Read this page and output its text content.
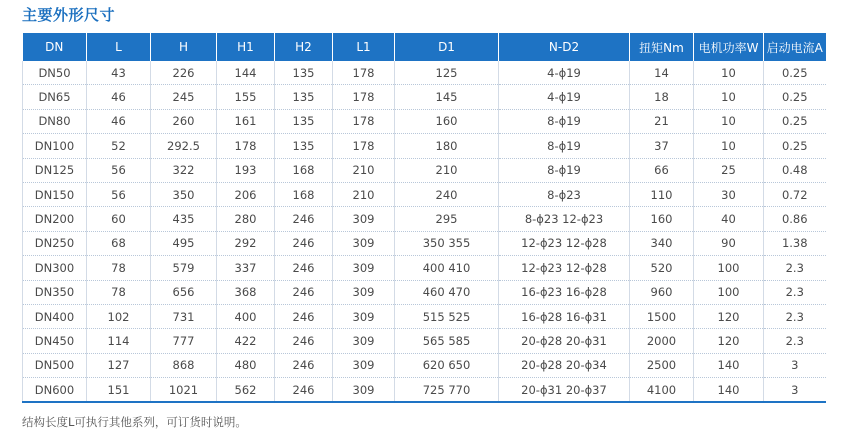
主要外形尺寸
DN	L	H	H1	H2	L1	D1	N-D2	扭矩Nm	电机功率W	启动电流A
DN50	43	226	144	135	178	125	4-ϕ19	14	10	0.25
DN65	46	245	155	135	178	145	4-ϕ19	18	10	0.25
DN80	46	260	161	135	178	160	8-ϕ19	21	10	0.25
DN100	52	292.5	178	135	178	180	8-ϕ19	37	10	0.25
DN125	56	322	193	168	210	210	8-ϕ19	66	25	0.48
DN150	56	350	206	168	210	240	8-ϕ23	110	30	0.72
DN200	60	435	280	246	309	295	8-ϕ23 12-ϕ23	160	40	0.86
DN250	68	495	292	246	309	350 355	12-ϕ23 12-ϕ28	340	90	1.38
DN300	78	579	337	246	309	400 410	12-ϕ23 12-ϕ28	520	100	2.3
DN350	78	656	368	246	309	460 470	16-ϕ23 16-ϕ28	960	100	2.3
DN400	102	731	400	246	309	515 525	16-ϕ28 16-ϕ31	1500	120	2.3
DN450	114	777	422	246	309	565 585	20-ϕ28 20-ϕ31	2000	120	2.3
DN500	127	868	480	246	309	620 650	20-ϕ28 20-ϕ34	2500	140	3
DN600	151	1021	562	246	309	725 770	20-ϕ31 20-ϕ37	4100	140	3
结构长度L可执行其他系列，可订货时说明。
